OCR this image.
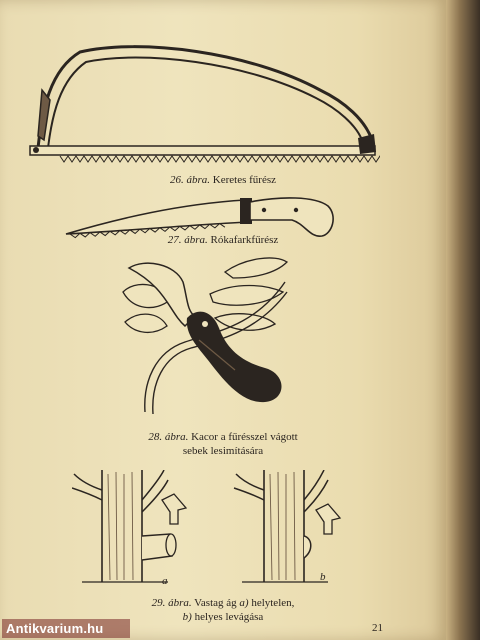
26. ábra. Keretes fűrész
27. ábra. Rókafarkfűrész
28. ábra. Kacor a fűrésszel vágott
sebek lesimítására
a	b
29. ábra. Vastag ág a) helytelen,
b) helyes levágása
21
Antikvarium.hu
